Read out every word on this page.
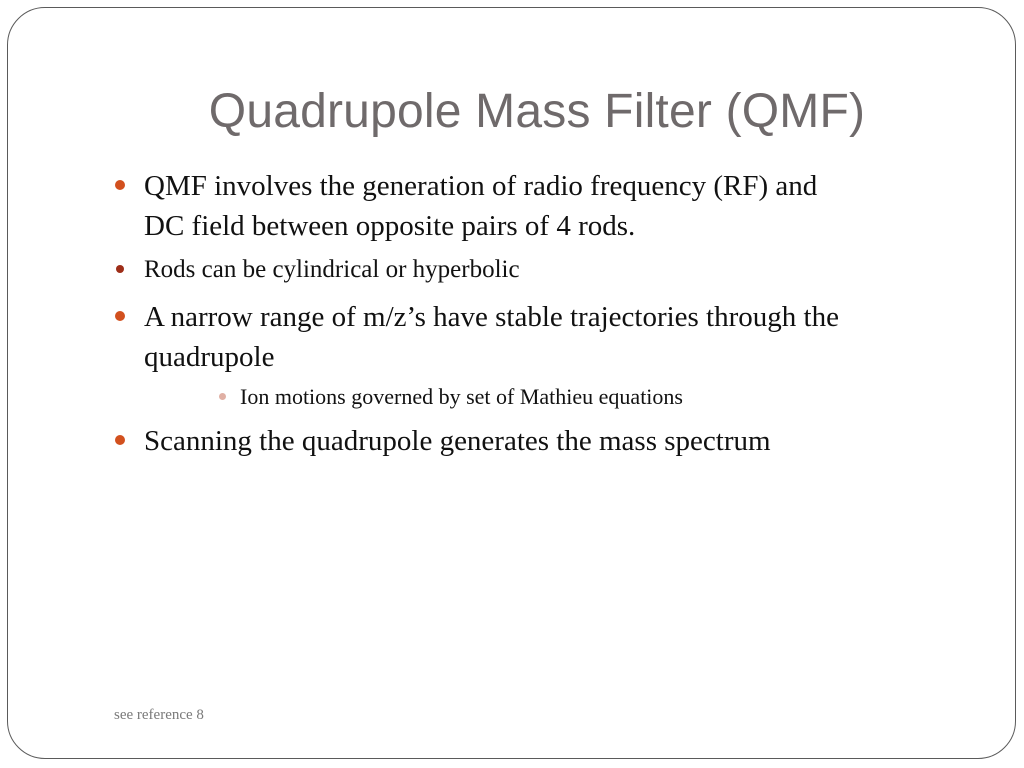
Quadrupole Mass Filter (QMF)
QMF involves the generation of radio frequency (RF) and
DC field between opposite pairs of 4 rods.
Rods can be cylindrical or hyperbolic
A narrow range of m/z’s have stable trajectories through the
quadrupole
Ion motions governed by set of Mathieu equations
Scanning the quadrupole generates the mass spectrum
see reference 8
